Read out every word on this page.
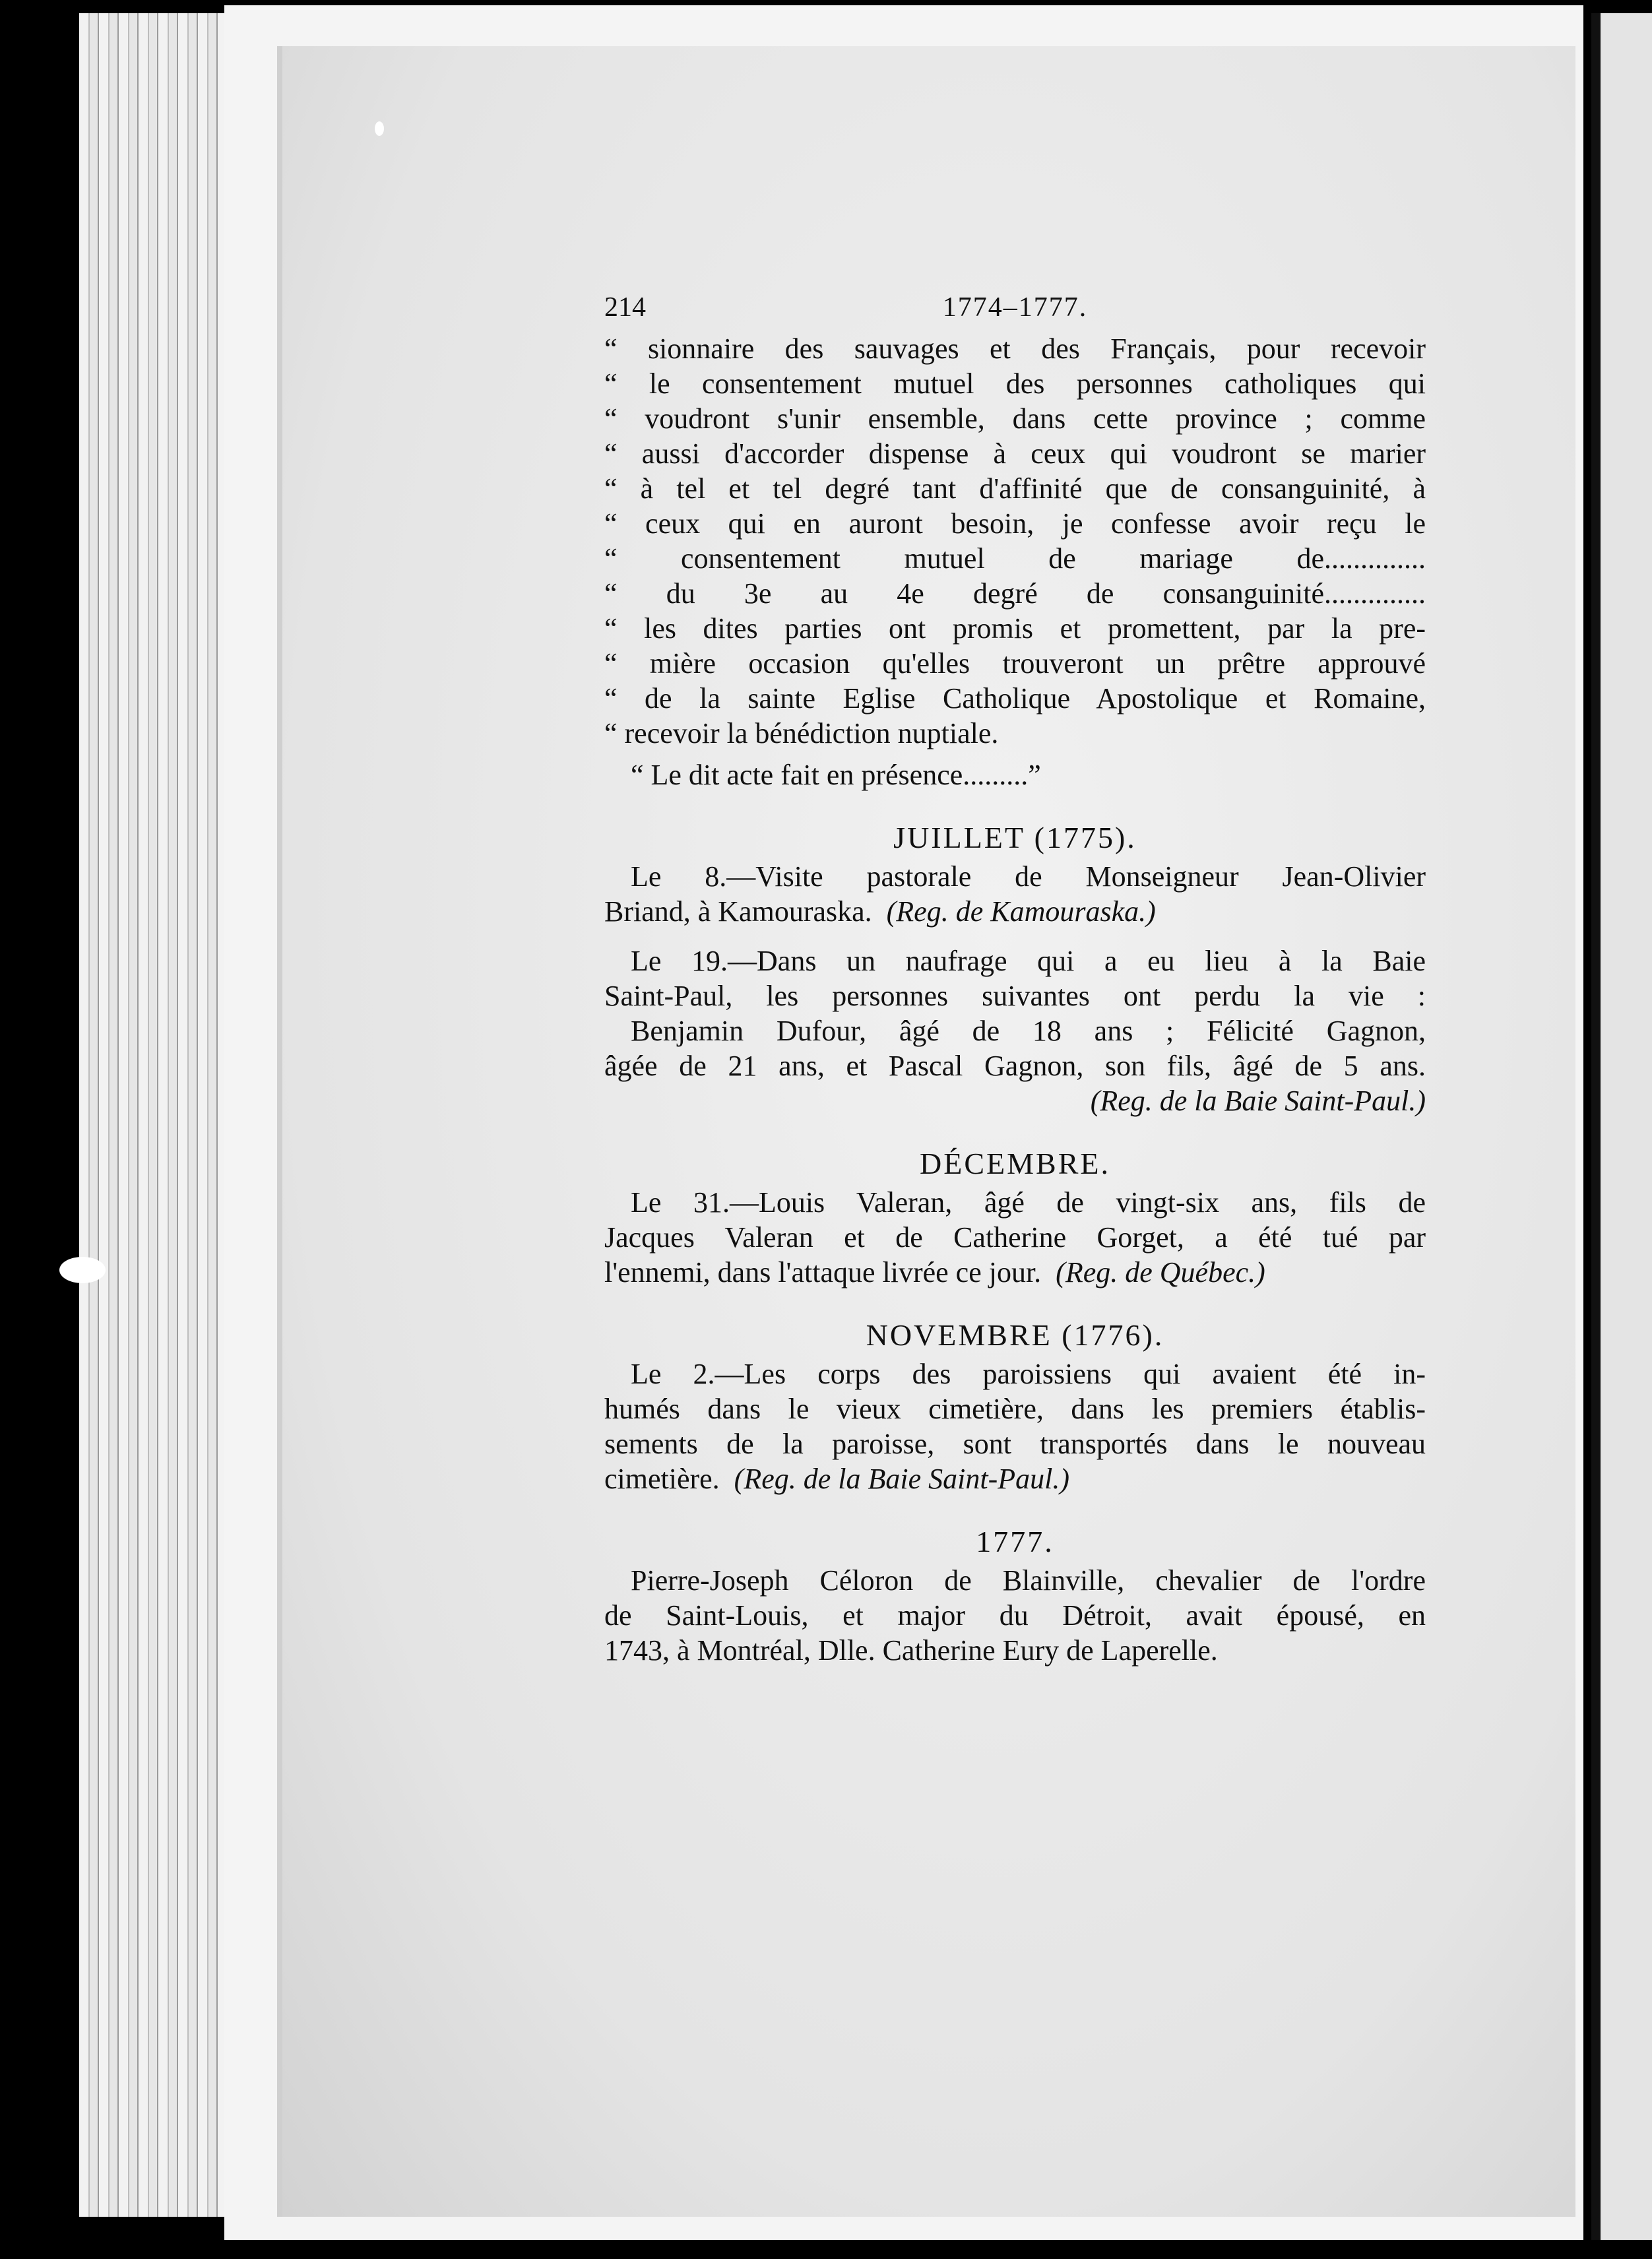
214	1774–1777.
“ sionnaire des sauvages et des Français, pour recevoir
“ le consentement mutuel des personnes catholiques qui
“ voudront s'unir ensemble, dans cette province ; comme
“ aussi d'accorder dispense à ceux qui voudront se marier
“ à tel et tel degré tant d'affinité que de consanguinité, à
“ ceux qui en auront besoin, je confesse avoir reçu le
“ consentement mutuel de mariage de..............
“ du 3e au 4e degré de consanguinité..............
“ les dites parties ont promis et promettent, par la pre-
“ mière occasion qu'elles trouveront un prêtre approuvé
“ de la sainte Eglise Catholique Apostolique et Romaine,
“ recevoir la bénédiction nuptiale.
“ Le dit acte fait en présence.........”
JUILLET (1775).
Le 8.—Visite pastorale de Monseigneur Jean-Olivier
Briand, à Kamouraska. (Reg. de Kamouraska.)
Le 19.—Dans un naufrage qui a eu lieu à la Baie
Saint-Paul, les personnes suivantes ont perdu la vie :
Benjamin Dufour, âgé de 18 ans ; Félicité Gagnon,
âgée de 21 ans, et Pascal Gagnon, son fils, âgé de 5 ans.
(Reg. de la Baie Saint-Paul.)
DÉCEMBRE.
Le 31.—Louis Valeran, âgé de vingt-six ans, fils de
Jacques Valeran et de Catherine Gorget, a été tué par
l'ennemi, dans l'attaque livrée ce jour. (Reg. de Québec.)
NOVEMBRE (1776).
Le 2.—Les corps des paroissiens qui avaient été in-
humés dans le vieux cimetière, dans les premiers établis-
sements de la paroisse, sont transportés dans le nouveau
cimetière. (Reg. de la Baie Saint-Paul.)
1777.
Pierre-Joseph Céloron de Blainville, chevalier de l'ordre
de Saint-Louis, et major du Détroit, avait épousé, en
1743, à Montréal, Dlle. Catherine Eury de Laperelle.
